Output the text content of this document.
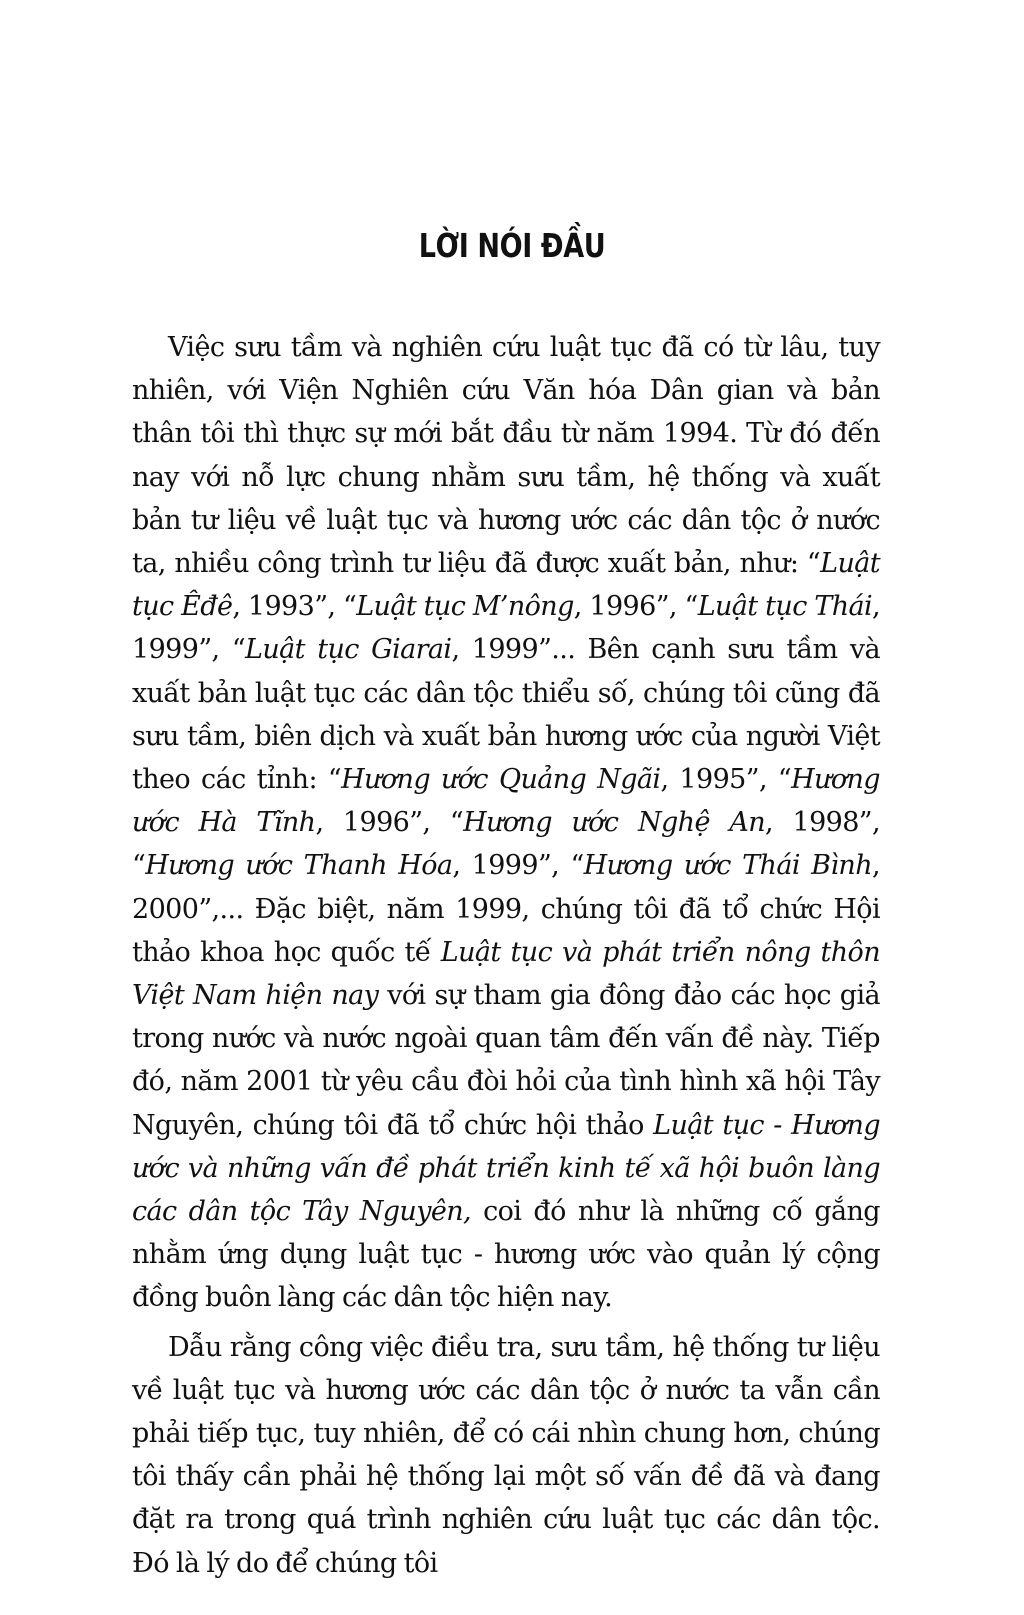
LỜI NÓI ĐẦU

Việc sưu tầm và nghiên cứu luật tục đã có từ lâu, tuy nhiên, với Viện Nghiên cứu Văn hóa Dân gian và bản thân tôi thì thực sự mới bắt đầu từ năm 1994. Từ đó đến nay với nỗ lực chung nhằm sưu tầm, hệ thống và xuất bản tư liệu về luật tục và hương ước các dân tộc ở nước ta, nhiều công trình tư liệu đã được xuất bản, như: “Luật tục Êđê, 1993”, “Luật tục M’nông, 1996”, “Luật tục Thái, 1999”, “Luật tục Giarai, 1999”... Bên cạnh sưu tầm và xuất bản luật tục các dân tộc thiểu số, chúng tôi cũng đã sưu tầm, biên dịch và xuất bản hương ước của người Việt theo các tỉnh: “Hương ước Quảng Ngãi, 1995”, “Hương ước Hà Tĩnh, 1996”, “Hương ước Nghệ An, 1998”, “Hương ước Thanh Hóa, 1999”, “Hương ước Thái Bình, 2000”,... Đặc biệt, năm 1999, chúng tôi đã tổ chức Hội thảo khoa học quốc tế Luật tục và phát triển nông thôn Việt Nam hiện nay với sự tham gia đông đảo các học giả trong nước và nước ngoài quan tâm đến vấn đề này. Tiếp đó, năm 2001 từ yêu cầu đòi hỏi của tình hình xã hội Tây Nguyên, chúng tôi đã tổ chức hội thảo Luật tục - Hương ước và những vấn đề phát triển kinh tế xã hội buôn làng các dân tộc Tây Nguyên, coi đó như là những cố gắng nhằm ứng dụng luật tục - hương ước vào quản lý cộng đồng buôn làng các dân tộc hiện nay.

Dẫu rằng công việc điều tra, sưu tầm, hệ thống tư liệu về luật tục và hương ước các dân tộc ở nước ta vẫn cần phải tiếp tục, tuy nhiên, để có cái nhìn chung hơn, chúng tôi thấy cần phải hệ thống lại một số vấn đề đã và đang đặt ra trong quá trình nghiên cứu luật tục các dân tộc. Đó là lý do để chúng tôi
